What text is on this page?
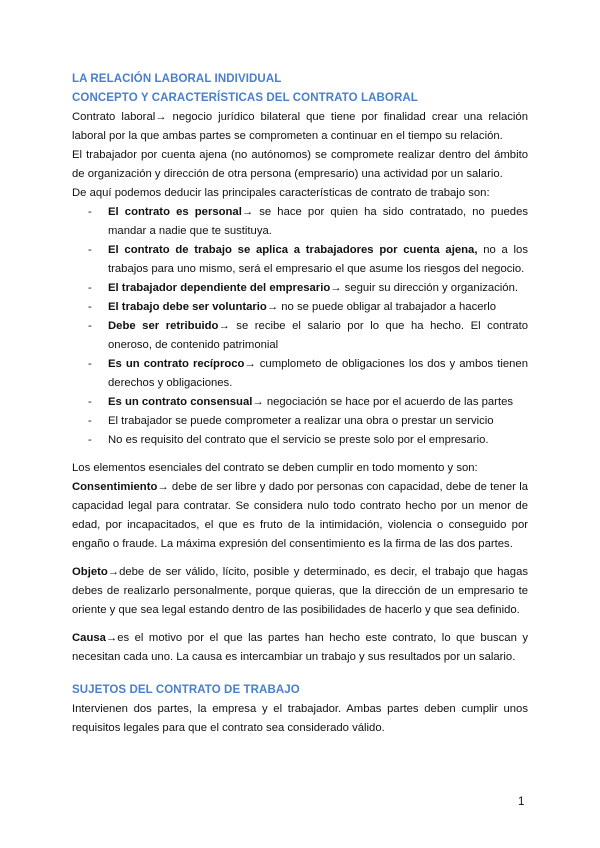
LA RELACIÓN LABORAL INDIVIDUAL
CONCEPTO Y CARACTERÍSTICAS DEL CONTRATO LABORAL

Contrato laboral→ negocio jurídico bilateral que tiene por finalidad crear una relación laboral por la que ambas partes se comprometen a continuar en el tiempo su relación.

El trabajador por cuenta ajena (no autónomos) se compromete realizar dentro del ámbito de organización y dirección de otra persona (empresario) una actividad por un salario.

De aquí podemos deducir las principales características de contrato de trabajo son:

- El contrato es personal→ se hace por quien ha sido contratado, no puedes mandar a nadie que te sustituya.
- El contrato de trabajo se aplica a trabajadores por cuenta ajena, no a los trabajos para uno mismo, será el empresario el que asume los riesgos del negocio.
- El trabajador dependiente del empresario→ seguir su dirección y organización.
- El trabajo debe ser voluntario→ no se puede obligar al trabajador a hacerlo
- Debe ser retribuido→ se recibe el salario por lo que ha hecho. El contrato oneroso, de contenido patrimonial
- Es un contrato recíproco→ cumplometo de obligaciones los dos y ambos tienen derechos y obligaciones.
- Es un contrato consensual→ negociación se hace por el acuerdo de las partes
- El trabajador se puede comprometer a realizar una obra o prestar un servicio
- No es requisito del contrato que el servicio se preste solo por el empresario.

Los elementos esenciales del contrato se deben cumplir en todo momento y son:

Consentimiento→ debe de ser libre y dado por personas con capacidad, debe de tener la capacidad legal para contratar. Se considera nulo todo contrato hecho por un menor de edad, por incapacitados, el que es fruto de la intimidación, violencia o conseguido por engaño o fraude. La máxima expresión del consentimiento es la firma de las dos partes.

Objeto→debe de ser válido, lícito, posible y determinado, es decir, el trabajo que hagas debes de realizarlo personalmente, porque quieras, que la dirección de un empresario te oriente y que sea legal estando dentro de las posibilidades de hacerlo y que sea definido.

Causa→es el motivo por el que las partes han hecho este contrato, lo que buscan y necesitan cada uno. La causa es intercambiar un trabajo y sus resultados por un salario.

SUJETOS DEL CONTRATO DE TRABAJO

Intervienen dos partes, la empresa y el trabajador. Ambas partes deben cumplir unos requisitos legales para que el contrato sea considerado válido.

1
